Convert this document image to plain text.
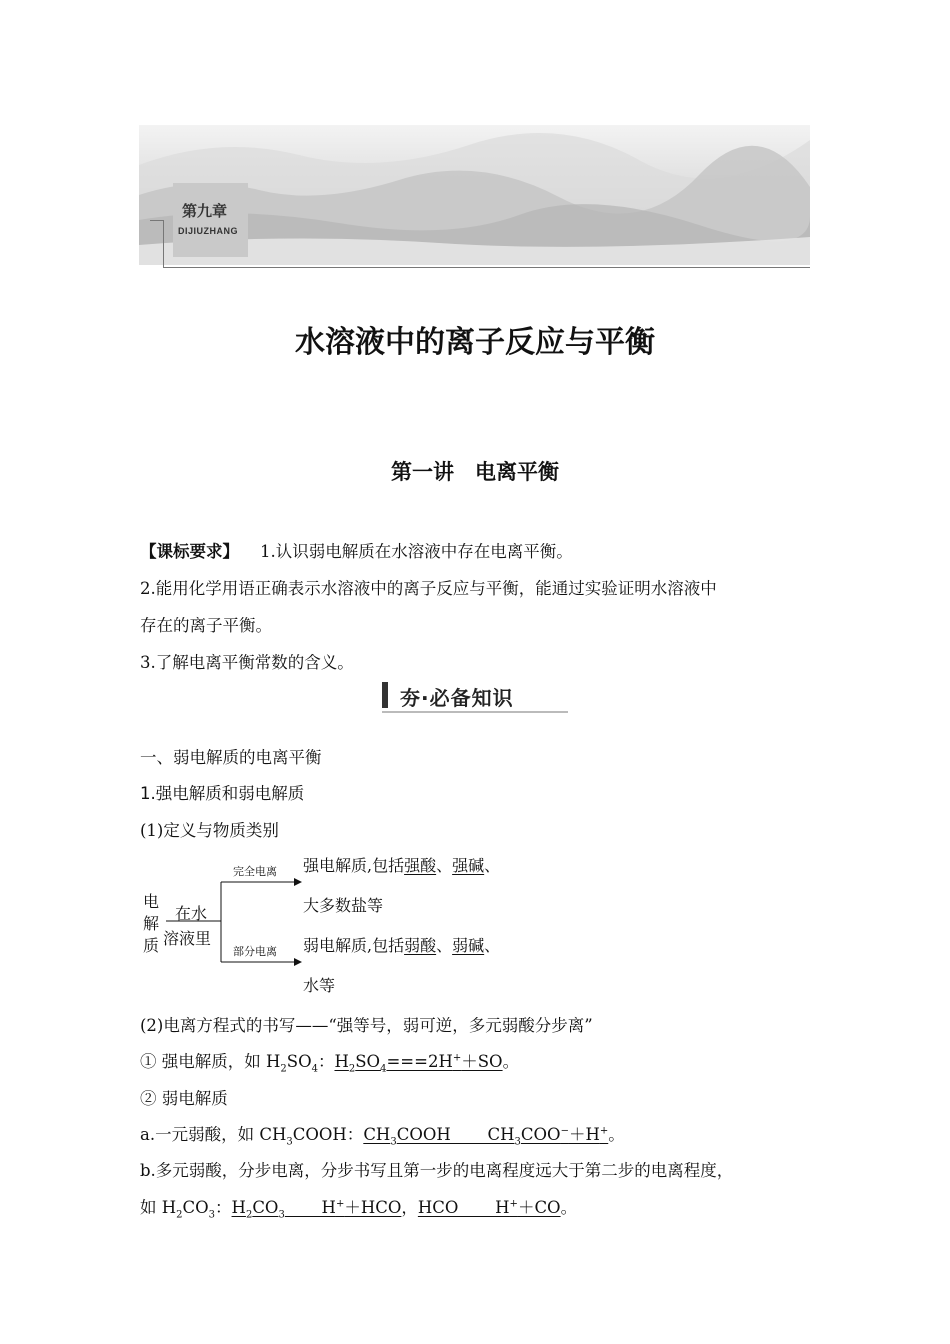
第九章
DIJIUZHANG
水溶液中的离子反应与平衡
第一讲　电离平衡
【课标要求】 1.认识弱电解质在水溶液中存在电离平衡。
2.能用化学用语正确表示水溶液中的离子反应与平衡，能通过实验证明水溶液中
存在的离子平衡。
3.了解电离平衡常数的含义。
夯·必备知识
一、弱电解质的电离平衡
1.强电解质和弱电解质
(1)定义与物质类别
电
解
质
在水
溶液里
完全电离
部分电离
强电解质,包括强酸、强碱、
大多数盐等
弱电解质,包括弱酸、弱碱、
水等
(2)电离方程式的书写——“强等号，弱可逆，多元弱酸分步离”
① 强电解质，如 $H_2SO_4$：$H_2SO_4===2H^++SO$。
② 弱电解质
a.一元弱酸，如 $CH_3COOH$：$CH_3COOH$       $CH_3COO^-+H^+$。
b.多元弱酸，分步电离，分步书写且第一步的电离程度远大于第二步的电离程度，
如 $H_2CO_3$：$H_2CO_3$       H+＋HCO，HCO       H+＋CO。
